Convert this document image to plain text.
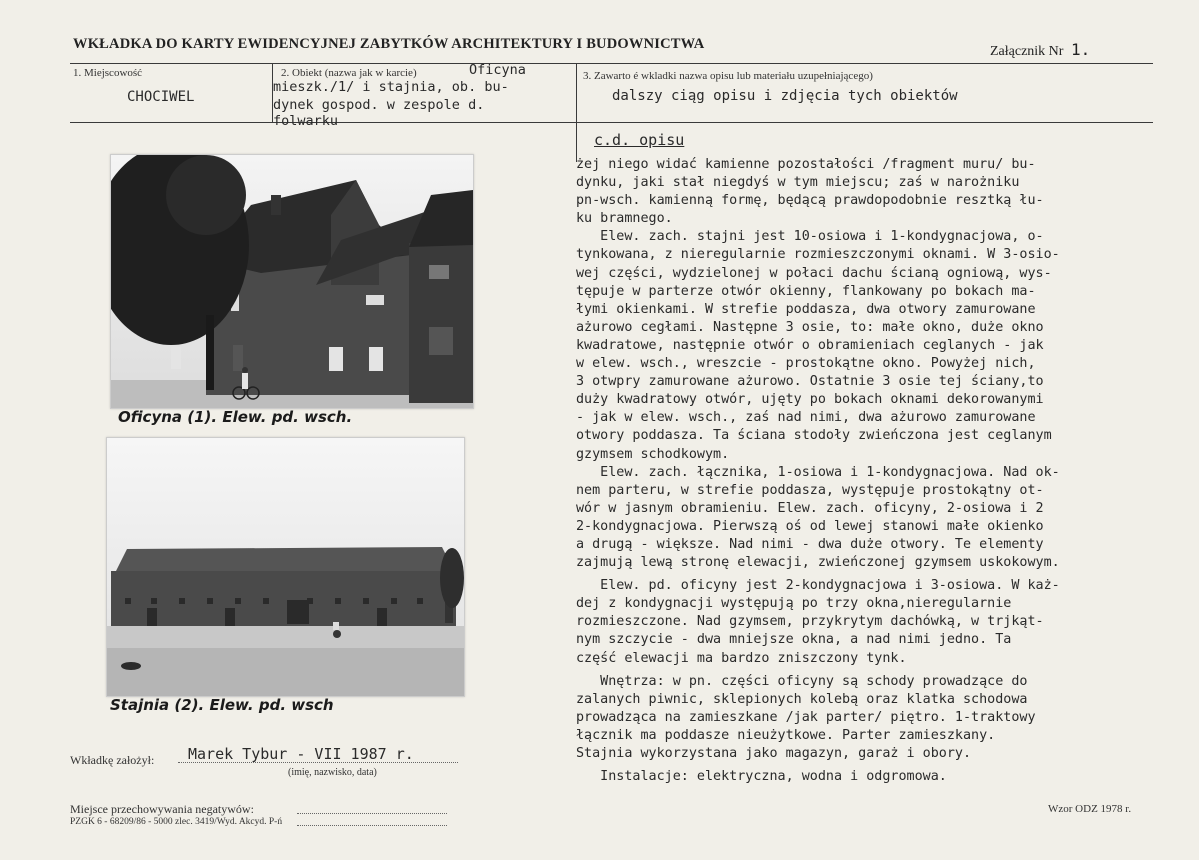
WKŁADKA DO KARTY EWIDENCYJNEJ ZABYTKÓW ARCHITEKTURY I BUDOWNICTWA	Załącznik Nr 1.
1. Miejscowość
CHOCIWEL
2. Obiekt (nazwa jak w karcie)	Oficyna
mieszk./1/ i stajnia, ob. bu-
dynek gospod. w zespole d.
folwarku
3. Zawarto é wkladki nazwa opisu lub materiału uzupełniającego)
dalszy ciąg opisu i zdjęcia tych obiektów
Oficyna (1). Elew. pd. wsch.
Stajnia (2). Elew. pd. wsch
c.d. opisu
żej niego widać kamienne pozostałości /fragment muru/ bu-
dynku, jaki stał niegdyś w tym miejscu; zaś w narożniku
pn-wsch. kamienną formę, będącą prawdopodobnie resztką łu-
ku bramnego.
Elew. zach. stajni jest 10-osiowa i 1-kondygnacjowa, o-
tynkowana, z nieregularnie rozmieszczonymi oknami. W 3-osio-
wej części, wydzielonej w połaci dachu ścianą ogniową, wys-
tępuje w parterze otwór okienny, flankowany po bokach ma-
łymi okienkami. W strefie poddasza, dwa otwory zamurowane
ażurowo cegłami. Następne 3 osie, to: małe okno, duże okno
kwadratowe, następnie otwór o obramieniach ceglanych - jak
w elew. wsch., wreszcie - prostokątne okno. Powyżej nich,
3 otwpry zamurowane ażurowo. Ostatnie 3 osie tej ściany,to
duży kwadratowy otwór, ujęty po bokach oknami dekorowanymi
- jak w elew. wsch., zaś nad nimi, dwa ażurowo zamurowane
otwory poddasza. Ta ściana stodoły zwieńczona jest ceglanym
gzymsem schodkowym.
Elew. zach. łącznika, 1-osiowa i 1-kondygnacjowa. Nad ok-
nem parteru, w strefie poddasza, występuje prostokątny ot-
wór w jasnym obramieniu. Elew. zach. oficyny, 2-osiowa i 2
2-kondygnacjowa. Pierwszą oś od lewej stanowi małe okienko
a drugą - większe. Nad nimi - dwa duże otwory. Te elementy
zajmują lewą stronę elewacji, zwieńczonej gzymsem uskokowym.

Elew. pd. oficyny jest 2-kondygnacjowa i 3-osiowa. W każ-
dej z kondygnacji występują po trzy okna,nieregularnie
rozmieszczone. Nad gzymsem, przykrytym dachówką, w trjkąt-
nym szczycie - dwa mniejsze okna, a nad nimi jedno. Ta
część elewacji ma bardzo zniszczony tynk.

Wnętrza: w pn. części oficyny są schody prowadzące do
zalanych piwnic, sklepionych kolebą oraz klatka schodowa
prowadząca na zamieszkane /jak parter/ piętro. 1-traktowy
łącznik ma poddasze nieużytkowe. Parter zamieszkany.
Stajnia wykorzystana jako magazyn, garaż i obory.

Instalacje: elektryczna, wodna i odgromowa.
Wkładkę założył: Marek Tybur - VII 1987 r.
(imię, nazwisko, data)
Miejsce przechowywania negatywów:
PZGK 6 - 68209/86 - 5000 zlec. 3419/Wyd. Akcyd. P-ń
Wzor ODZ 1978 r.
